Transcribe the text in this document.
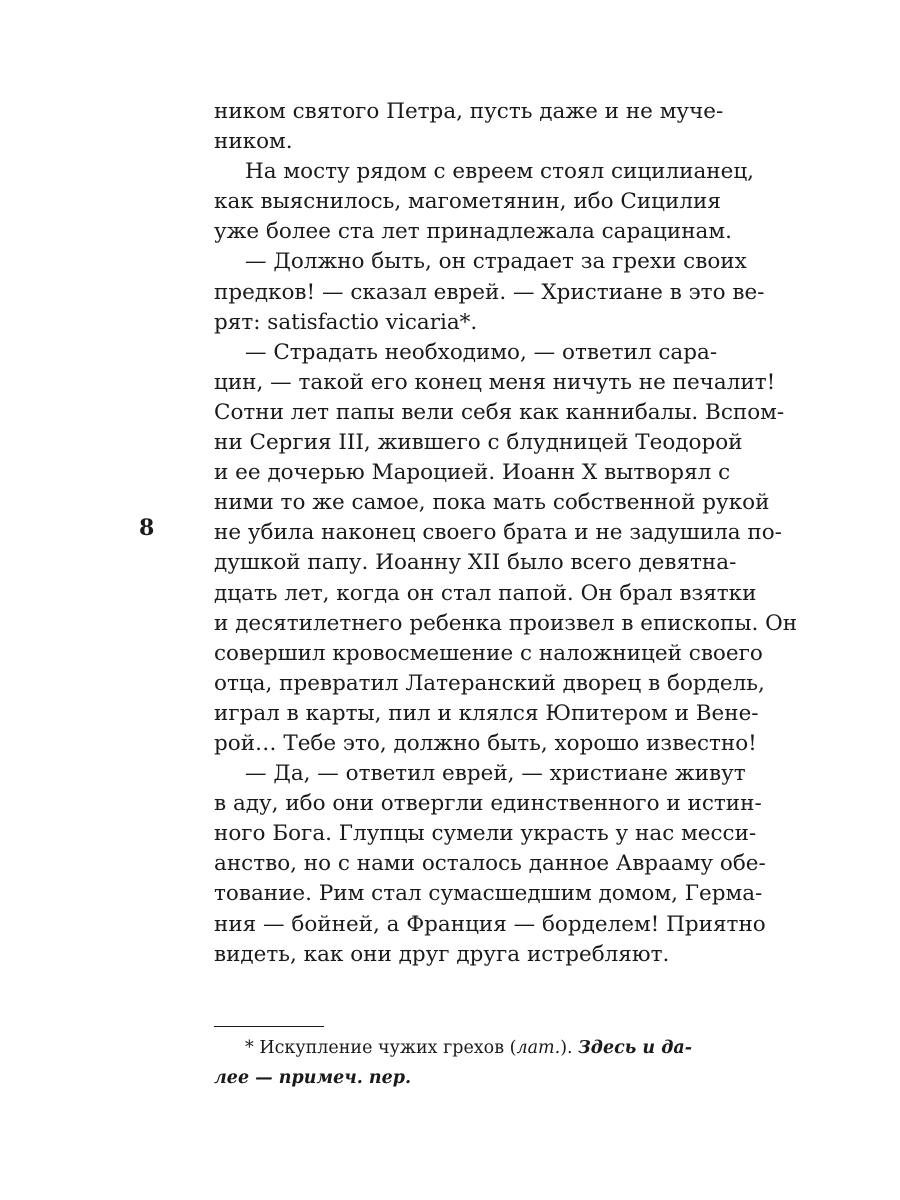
ником святого Петра, пусть даже и не муче-
ником.
На мосту рядом с евреем стоял сицилианец,
как выяснилось, магометянин, ибо Сицилия
уже более ста лет принадлежала сарацинам.
— Должно быть, он страдает за грехи своих
предков! — сказал еврей. — Христиане в это ве-
рят: satisfactio vicaria*.
— Страдать необходимо, — ответил сара-
цин, — такой его конец меня ничуть не печалит!
Сотни лет папы вели себя как каннибалы. Вспом-
ни Сергия III, жившего с блудницей Теодорой
и ее дочерью Мароцией. Иоанн X вытворял с
ними то же самое, пока мать собственной рукой
не убила наконец своего брата и не задушила по-
душкой папу. Иоанну XII было всего девятна-
дцать лет, когда он стал папой. Он брал взятки
и десятилетнего ребенка произвел в епископы. Он
совершил кровосмешение с наложницей своего
отца, превратил Латеранский дворец в бордель,
играл в карты, пил и клялся Юпитером и Вене-
рой… Тебе это, должно быть, хорошо известно!
— Да, — ответил еврей, — христиане живут
в аду, ибо они отвергли единственного и истин-
ного Бога. Глупцы сумели украсть у нас месси-
анство, но с нами осталось данное Аврааму обе-
тование. Рим стал сумасшедшим домом, Герма-
ния — бойней, а Франция — борделем! Приятно
видеть, как они друг друга истребляют.
8
* Искупление чужих грехов (лат.). Здесь и да-
лее — примеч. пер.
